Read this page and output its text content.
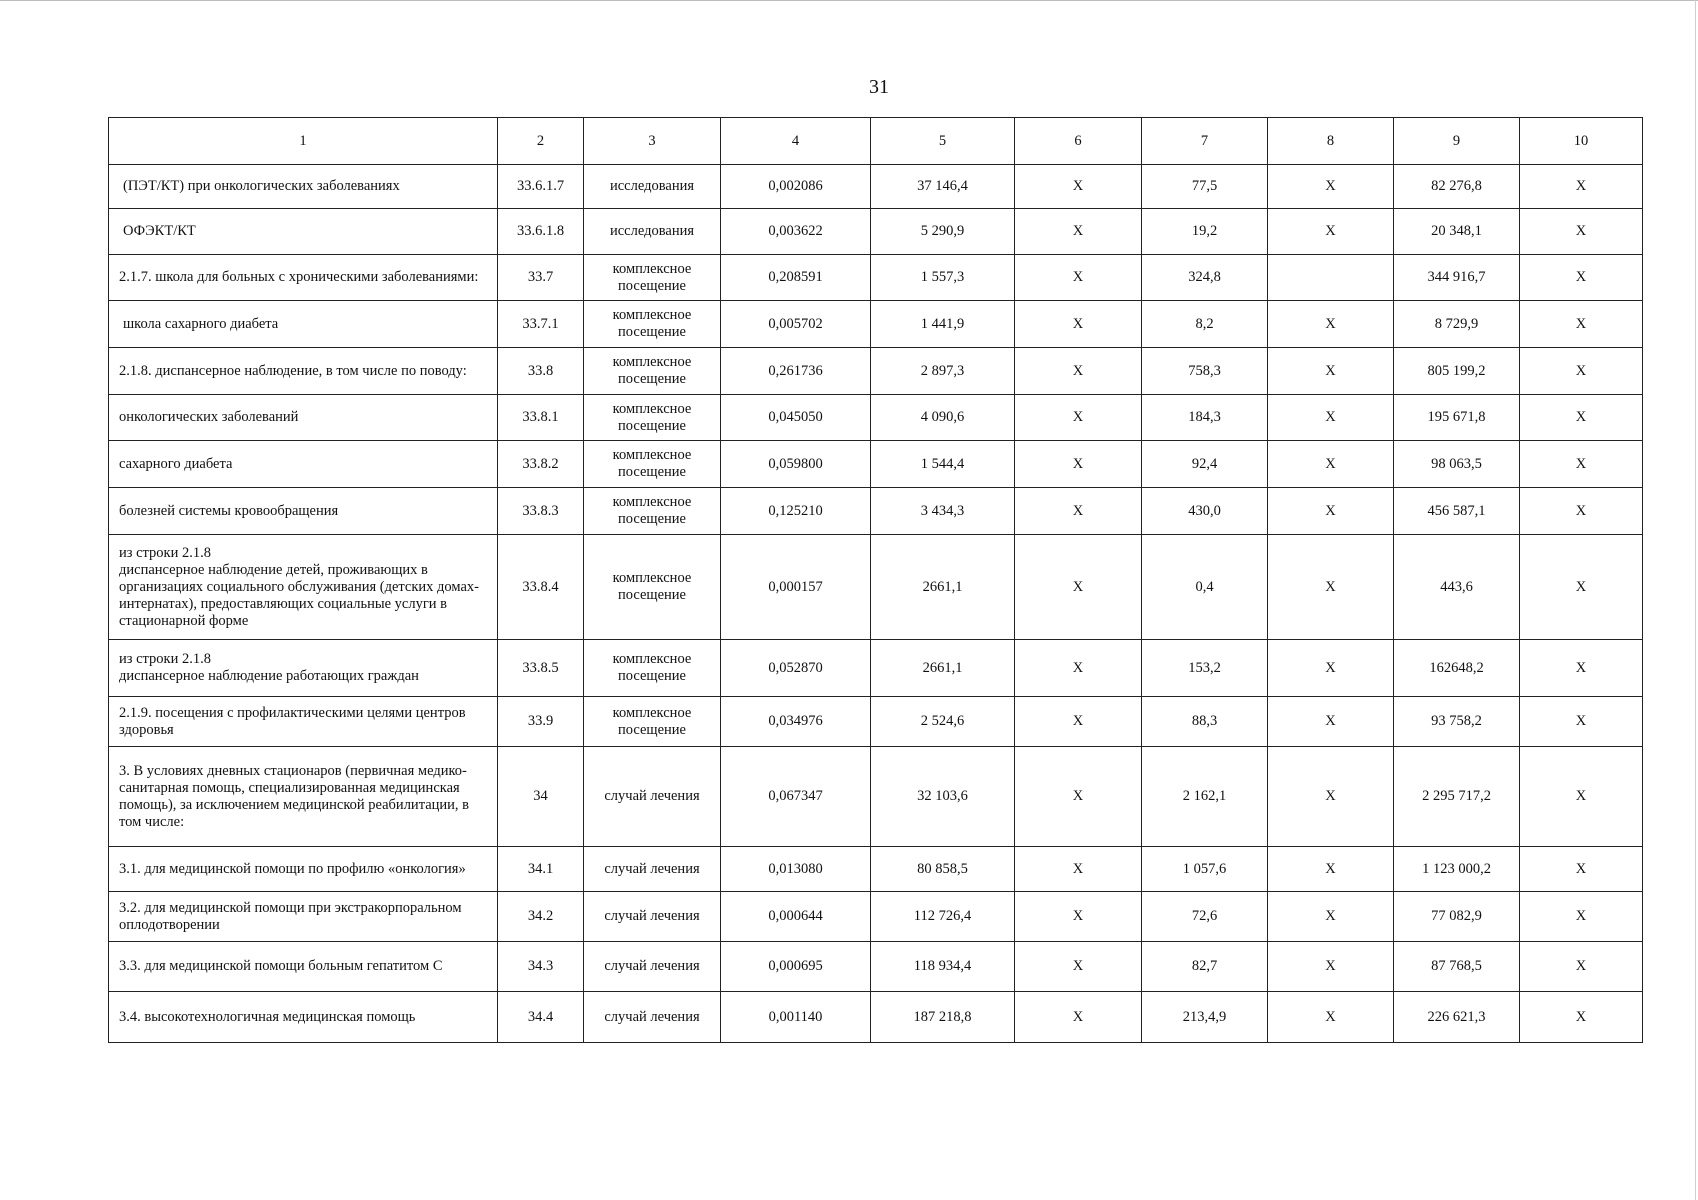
31
1	2	3	4	5	6	7	8	9	10
(ПЭТ/КТ) при онкологических заболеваниях	33.6.1.7	исследования	0,002086	37 146,4	X	77,5	X	82 276,8	X
ОФЭКТ/КТ	33.6.1.8	исследования	0,003622	5 290,9	X	19,2	X	20 348,1	X
2.1.7. школа для больных с хроническими заболеваниями:	33.7	комплексное посещение	0,208591	1 557,3	X	324,8		344 916,7	X
школа сахарного диабета	33.7.1	комплексное посещение	0,005702	1 441,9	X	8,2	X	8 729,9	X
2.1.8. диспансерное наблюдение, в том числе по поводу:	33.8	комплексное посещение	0,261736	2 897,3	X	758,3	X	805 199,2	X
онкологических заболеваний	33.8.1	комплексное посещение	0,045050	4 090,6	X	184,3	X	195 671,8	X
сахарного диабета	33.8.2	комплексное посещение	0,059800	1 544,4	X	92,4	X	98 063,5	X
болезней системы кровообращения	33.8.3	комплексное посещение	0,125210	3 434,3	X	430,0	X	456 587,1	X
из строки 2.1.8
диспансерное наблюдение детей, проживающих в организациях социального обслуживания (детских домах-интернатах), предоставляющих социальные услуги в стационарной форме	33.8.4	комплексное посещение	0,000157	2661,1	X	0,4	X	443,6	X
из строки 2.1.8
диспансерное наблюдение работающих граждан	33.8.5	комплексное посещение	0,052870	2661,1	X	153,2	X	162648,2	X
2.1.9. посещения с профилактическими целями центров здоровья	33.9	комплексное посещение	0,034976	2 524,6	X	88,3	X	93 758,2	X
3. В условиях дневных стационаров (первичная медико-санитарная помощь, специализированная медицинская помощь), за исключением медицинской реабилитации, в том числе:	34	случай лечения	0,067347	32 103,6	X	2 162,1	X	2 295 717,2	X
3.1. для медицинской помощи по профилю «онкология»	34.1	случай лечения	0,013080	80 858,5	X	1 057,6	X	1 123 000,2	X
3.2. для медицинской помощи при экстракорпоральном оплодотворении	34.2	случай лечения	0,000644	112 726,4	X	72,6	X	77 082,9	X
3.3. для медицинской помощи больным гепатитом С	34.3	случай лечения	0,000695	118 934,4	X	82,7	X	87 768,5	X
3.4. высокотехнологичная медицинская помощь	34.4	случай лечения	0,001140	187 218,8	X	213,4,9	X	226 621,3	X
